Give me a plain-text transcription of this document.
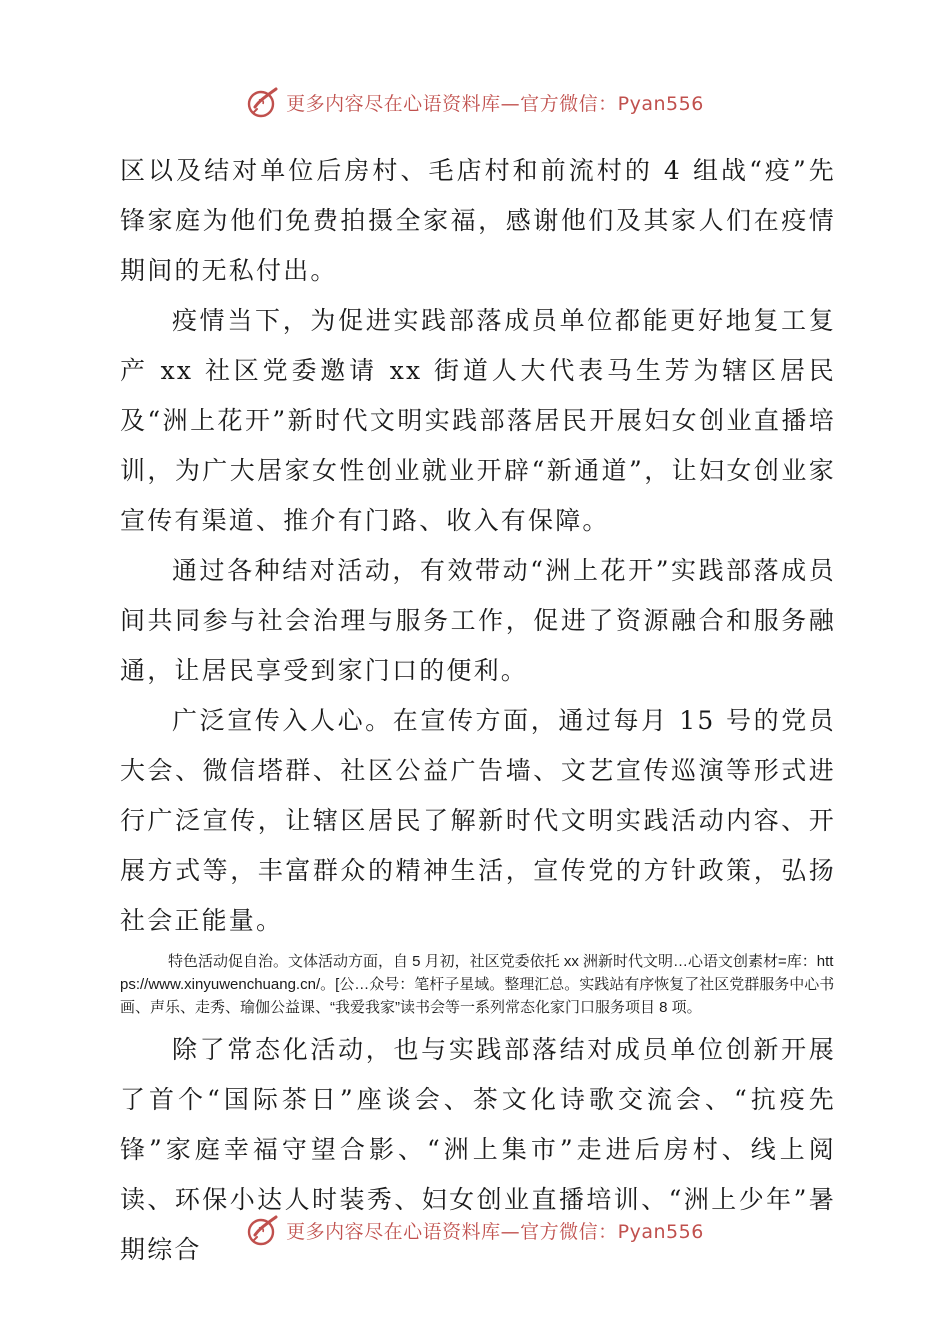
更多内容尽在心语资料库—官方微信：Pyan556

区以及结对单位后房村、毛店村和前流村的 4 组战“疫”先锋家庭为他们免费拍摄全家福，感谢他们及其家人们在疫情期间的无私付出。

疫情当下，为促进实践部落成员单位都能更好地复工复产 xx 社区党委邀请 xx 街道人大代表马生芳为辖区居民及“洲上花开”新时代文明实践部落居民开展妇女创业直播培训，为广大居家女性创业就业开辟“新通道”，让妇女创业家宣传有渠道、推介有门路、收入有保障。

通过各种结对活动，有效带动“洲上花开”实践部落成员间共同参与社会治理与服务工作，促进了资源融合和服务融通，让居民享受到家门口的便利。

广泛宣传入人心。在宣传方面，通过每月 15 号的党员大会、微信塔群、社区公益广告墙、文艺宣传巡演等形式进行广泛宣传，让辖区居民了解新时代文明实践活动内容、开展方式等，丰富群众的精神生活，宣传党的方针政策，弘扬社会正能量。

特色活动促自治。文体活动方面，自 5 月初，社区党委依托 xx 洲新时代文明…心语文创素材=库：https://www.xinyuwenchuang.cn/。[公…众号：笔杆子星域。整理汇总。实践站有序恢复了社区党群服务中心书画、声乐、走秀、瑜伽公益课、“我爱我家”读书会等一系列常态化家门口服务项目 8 项。

除了常态化活动，也与实践部落结对成员单位创新开展了首个“国际茶日”座谈会、茶文化诗歌交流会、“抗疫先锋”家庭幸福守望合影、“洲上集市”走进后房村、线上阅读、环保小达人时装秀、妇女创业直播培训、“洲上少年”暑期综合

更多内容尽在心语资料库—官方微信：Pyan556
